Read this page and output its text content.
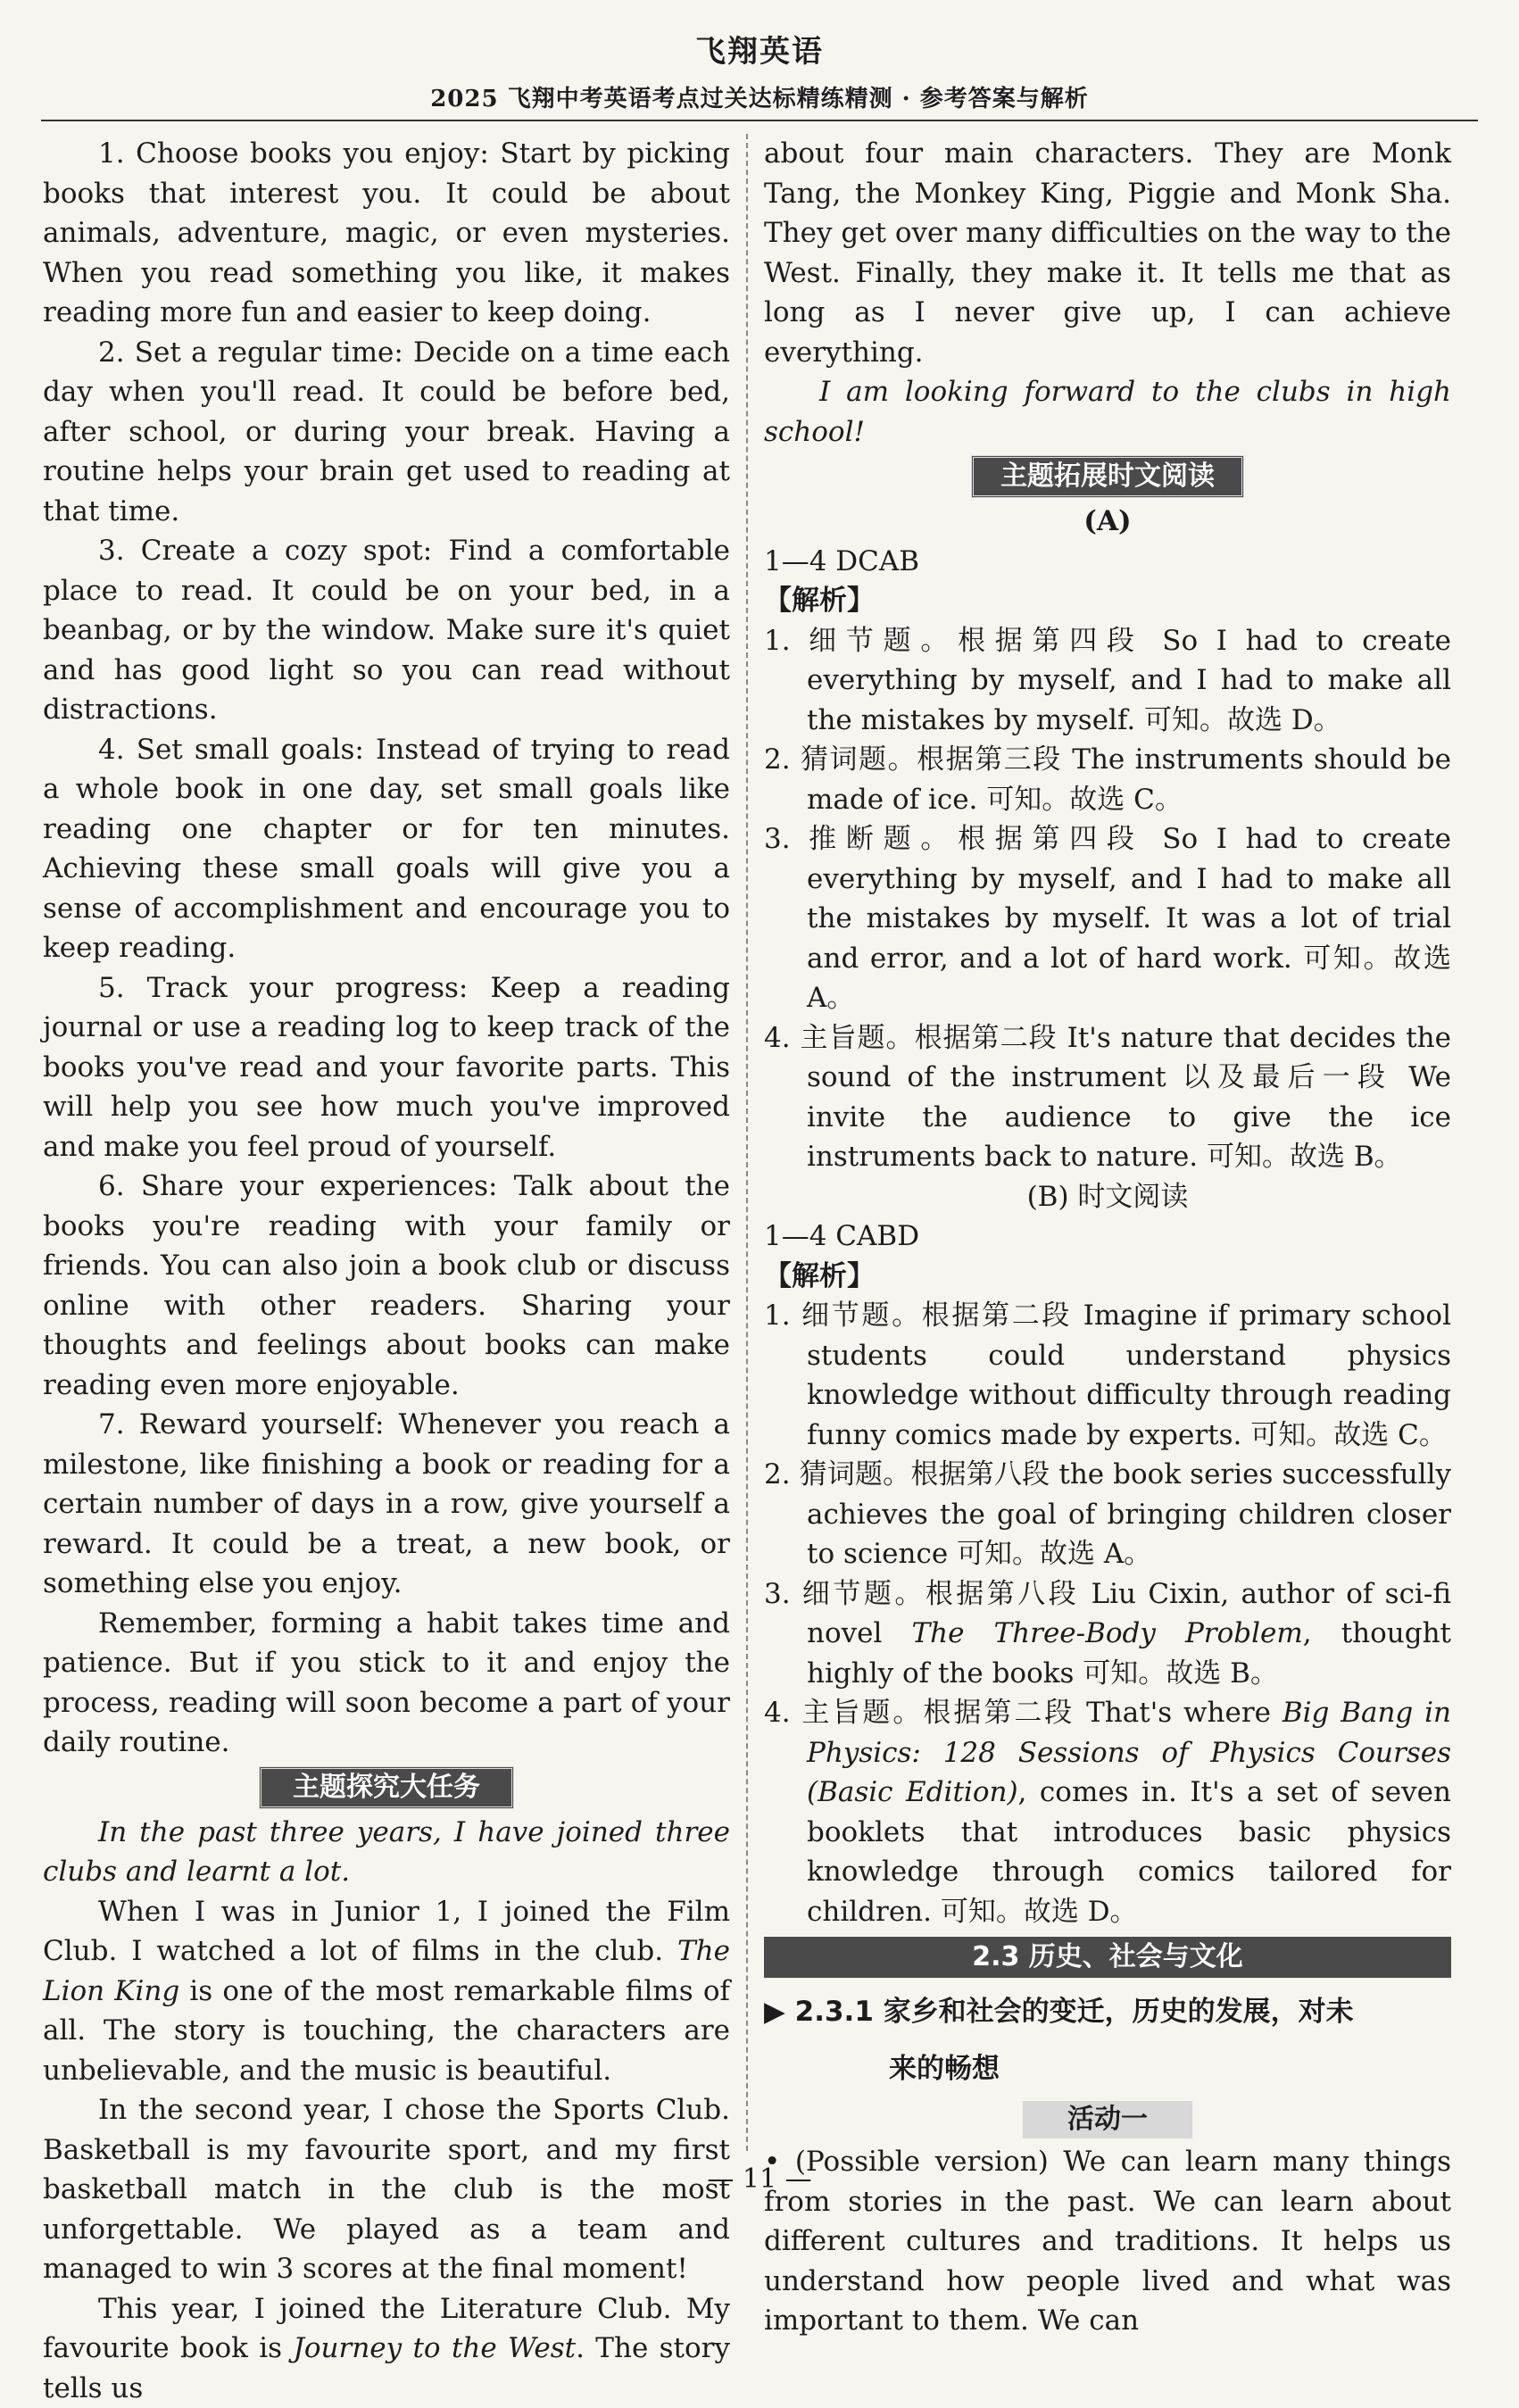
飞翔英语
2025 飞翔中考英语考点过关达标精练精测 · 参考答案与解析

1. Choose books you enjoy: Start by picking books that interest you. It could be about animals, adventure, magic, or even mysteries. When you read something you like, it makes reading more fun and easier to keep doing.

2. Set a regular time: Decide on a time each day when you'll read. It could be before bed, after school, or during your break. Having a routine helps your brain get used to reading at that time.

3. Create a cozy spot: Find a comfortable place to read. It could be on your bed, in a beanbag, or by the window. Make sure it's quiet and has good light so you can read without distractions.

4. Set small goals: Instead of trying to read a whole book in one day, set small goals like reading one chapter or for ten minutes. Achieving these small goals will give you a sense of accomplishment and encourage you to keep reading.

5. Track your progress: Keep a reading journal or use a reading log to keep track of the books you've read and your favorite parts. This will help you see how much you've improved and make you feel proud of yourself.

6. Share your experiences: Talk about the books you're reading with your family or friends. You can also join a book club or discuss online with other readers. Sharing your thoughts and feelings about books can make reading even more enjoyable.

7. Reward yourself: Whenever you reach a milestone, like finishing a book or reading for a certain number of days in a row, give yourself a reward. It could be a treat, a new book, or something else you enjoy.

Remember, forming a habit takes time and patience. But if you stick to it and enjoy the process, reading will soon become a part of your daily routine.

主题探究大任务

In the past three years, I have joined three clubs and learnt a lot.

When I was in Junior 1, I joined the Film Club. I watched a lot of films in the club. The Lion King is one of the most remarkable films of all. The story is touching, the characters are unbelievable, and the music is beautiful.

In the second year, I chose the Sports Club. Basketball is my favourite sport, and my first basketball match in the club is the most unforgettable. We played as a team and managed to win 3 scores at the final moment!

This year, I joined the Literature Club. My favourite book is Journey to the West. The story tells us

about four main characters. They are Monk Tang, the Monkey King, Piggie and Monk Sha. They get over many difficulties on the way to the West. Finally, they make it. It tells me that as long as I never give up, I can achieve everything.

I am looking forward to the clubs in high school!

主题拓展时文阅读

(A)

1—4 DCAB

【解析】

1. 细节题。根据第四段 So I had to create everything by myself, and I had to make all the mistakes by myself. 可知。故选 D。

2. 猜词题。根据第三段 The instruments should be made of ice. 可知。故选 C。

3. 推断题。根据第四段 So I had to create everything by myself, and I had to make all the mistakes by myself. It was a lot of trial and error, and a lot of hard work. 可知。故选 A。

4. 主旨题。根据第二段 It's nature that decides the sound of the instrument 以及最后一段 We invite the audience to give the ice instruments back to nature. 可知。故选 B。

(B) 时文阅读

1—4 CABD

【解析】

1. 细节题。根据第二段 Imagine if primary school students could understand physics knowledge without difficulty through reading funny comics made by experts. 可知。故选 C。

2. 猜词题。根据第八段 the book series successfully achieves the goal of bringing children closer to science 可知。故选 A。

3. 细节题。根据第八段 Liu Cixin, author of sci-fi novel The Three-Body Problem, thought highly of the books 可知。故选 B。

4. 主旨题。根据第二段 That's where Big Bang in Physics: 128 Sessions of Physics Courses (Basic Edition), comes in. It's a set of seven booklets that introduces basic physics knowledge through comics tailored for children. 可知。故选 D。

2.3 历史、社会与文化
▶ 2.3.1 家乡和社会的变迁，历史的发展，对未
来的畅想
活动一

• (Possible version) We can learn many things from stories in the past. We can learn about different cultures and traditions. It helps us understand how people lived and what was important to them. We can

— 11 —
